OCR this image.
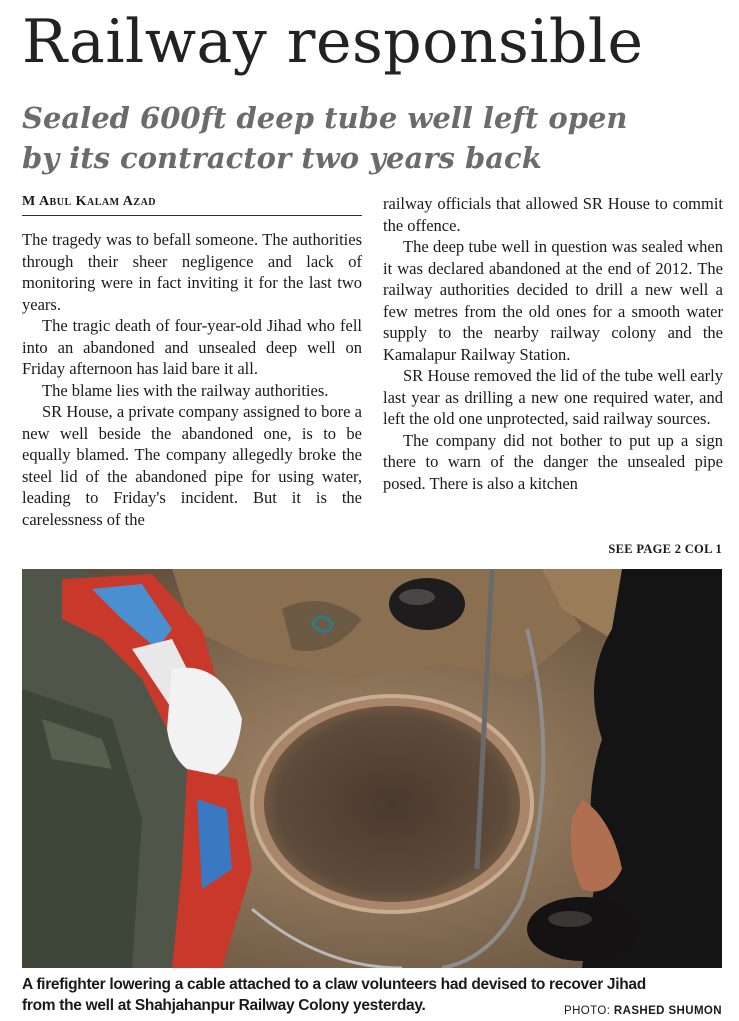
Railway responsible
Sealed 600ft deep tube well left open
by its contractor two years back
M Abul Kalam Azad

The tragedy was to befall someone. The authorities through their sheer negligence and lack of monitoring were in fact inviting it for the last two years.

The tragic death of four-year-old Jihad who fell into an abandoned and unsealed deep well on Friday afternoon has laid bare it all.

The blame lies with the railway authorities.

SR House, a private company assigned to bore a new well beside the abandoned one, is to be equally blamed. The company allegedly broke the steel lid of the abandoned pipe for using water, leading to Friday's incident. But it is the carelessness of the

railway officials that allowed SR House to commit the offence.

The deep tube well in question was sealed when it was declared abandoned at the end of 2012. The railway authorities decided to drill a new well a few metres from the old ones for a smooth water supply to the nearby railway colony and the Kamalapur Railway Station.

SR House removed the lid of the tube well early last year as drilling a new one required water, and left the old one unprotected, said railway sources.

The company did not bother to put up a sign there to warn of the danger the unsealed pipe posed. There is also a kitchen

SEE PAGE 2 COL 1
A firefighter lowering a cable attached to a claw volunteers had devised to recover Jihad
from the well at Shahjahanpur Railway Colony yesterday.	PHOTO: RASHED SHUMON
